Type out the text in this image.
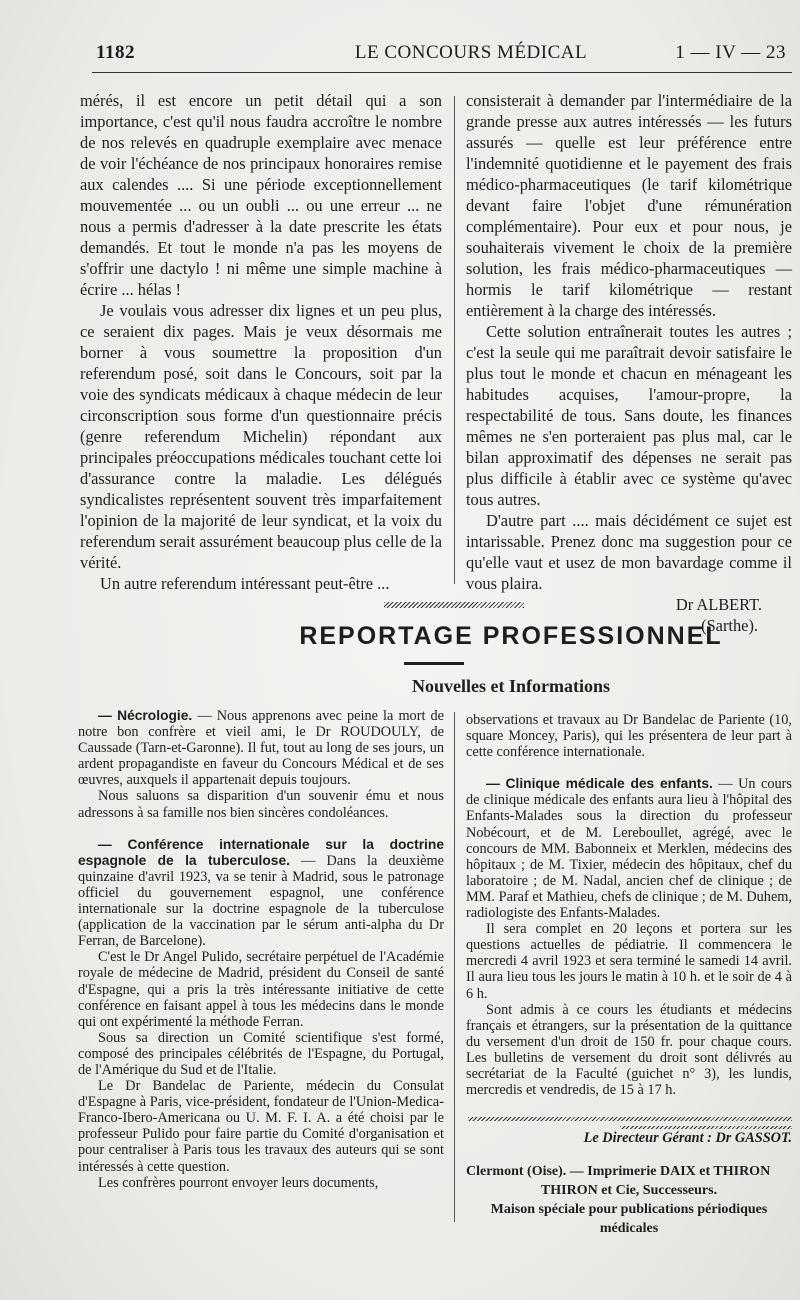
1182	LE CONCOURS MÉDICAL	1 — IV — 23

mérés, il est encore un petit détail qui a son importance, c'est qu'il nous faudra accroître le nombre de nos relevés en quadruple exemplaire avec menace de voir l'échéance de nos principaux honoraires remise aux calendes .... Si une période exceptionnellement mouvementée ... ou un oubli ... ou une erreur ... ne nous a permis d'adresser à la date prescrite les états demandés. Et tout le monde n'a pas les moyens de s'offrir une dactylo ! ni même une simple machine à écrire ... hélas !

Je voulais vous adresser dix lignes et un peu plus, ce seraient dix pages. Mais je veux désormais me borner à vous soumettre la proposition d'un referendum posé, soit dans le Concours, soit par la voie des syndicats médicaux à chaque médecin de leur circonscription sous forme d'un questionnaire précis (genre referendum Michelin) répondant aux principales préoccupations médicales touchant cette loi d'assurance contre la maladie. Les délégués syndicalistes représentent souvent très imparfaitement l'opinion de la majorité de leur syndicat, et la voix du referendum serait assurément beaucoup plus celle de la vérité.

Un autre referendum intéressant peut-être ...

consisterait à demander par l'intermédiaire de la grande presse aux autres intéressés — les futurs assurés — quelle est leur préférence entre l'indemnité quotidienne et le payement des frais médico-pharmaceutiques (le tarif kilométrique devant faire l'objet d'une rémunération complémentaire). Pour eux et pour nous, je souhaiterais vivement le choix de la première solution, les frais médico-pharmaceutiques — hormis le tarif kilométrique — restant entièrement à la charge des intéressés.

Cette solution entraînerait toutes les autres ; c'est la seule qui me paraîtrait devoir satisfaire le plus tout le monde et chacun en ménageant les habitudes acquises, l'amour-propre, la respectabilité de tous. Sans doute, les finances mêmes ne s'en porteraient pas plus mal, car le bilan approximatif des dépenses ne serait pas plus difficile à établir avec ce système qu'avec tous autres.

D'autre part .... mais décidément ce sujet est intarissable. Prenez donc ma suggestion pour ce qu'elle vaut et usez de mon bavardage comme il vous plaira.

Dr ALBERT.

(Sarthe).

REPORTAGE PROFESSIONNEL
Nouvelles et Informations

— Nécrologie. — Nous apprenons avec peine la mort de notre bon confrère et vieil ami, le Dr ROUDOULY, de Caussade (Tarn-et-Garonne). Il fut, tout au long de ses jours, un ardent propagandiste en faveur du Concours Médical et de ses œuvres, auxquels il appartenait depuis toujours.

Nous saluons sa disparition d'un souvenir ému et nous adressons à sa famille nos bien sincères condoléances.

— Conférence internationale sur la doctrine espagnole de la tuberculose. — Dans la deuxième quinzaine d'avril 1923, va se tenir à Madrid, sous le patronage officiel du gouvernement espagnol, une conférence internationale sur la doctrine espagnole de la tuberculose (application de la vaccination par le sérum anti-alpha du Dr Ferran, de Barcelone).

C'est le Dr Angel Pulido, secrétaire perpétuel de l'Académie royale de médecine de Madrid, président du Conseil de santé d'Espagne, qui a pris la très intéressante initiative de cette conférence en faisant appel à tous les médecins dans le monde qui ont expérimenté la méthode Ferran.

Sous sa direction un Comité scientifique s'est formé, composé des principales célébrités de l'Espagne, du Portugal, de l'Amérique du Sud et de l'Italie.

Le Dr Bandelac de Pariente, médecin du Consulat d'Espagne à Paris, vice-président, fondateur de l'Union-Medica-Franco-Ibero-Americana ou U. M. F. I. A. a été choisi par le professeur Pulido pour faire partie du Comité d'organisation et pour centraliser à Paris tous les travaux des auteurs qui se sont intéressés à cette question.

Les confrères pourront envoyer leurs documents,

observations et travaux au Dr Bandelac de Pariente (10, square Moncey, Paris), qui les présentera de leur part à cette conférence internationale.

— Clinique médicale des enfants. — Un cours de clinique médicale des enfants aura lieu à l'hôpital des Enfants-Malades sous la direction du professeur Nobécourt, et de M. Lereboullet, agrégé, avec le concours de MM. Babonneix et Merklen, médecins des hôpitaux ; de M. Tixier, médecin des hôpitaux, chef du laboratoire ; de M. Nadal, ancien chef de clinique ; de MM. Paraf et Mathieu, chefs de clinique ; de M. Duhem, radiologiste des Enfants-Malades.

Il sera complet en 20 leçons et portera sur les questions actuelles de pédiatrie. Il commencera le mercredi 4 avril 1923 et sera terminé le samedi 14 avril. Il aura lieu tous les jours le matin à 10 h. et le soir de 4 à 6 h.

Sont admis à ce cours les étudiants et médecins français et étrangers, sur la présentation de la quittance du versement d'un droit de 150 fr. pour chaque cours. Les bulletins de versement du droit sont délivrés au secrétariat de la Faculté (guichet n° 3), les lundis, mercredis et vendredis, de 15 à 17 h.

Le Directeur Gérant : Dr GASSOT.
Clermont (Oise). — Imprimerie DAIX et THIRON
THIRON et Cie, Successeurs.
Maison spéciale pour publications périodiques médicales
